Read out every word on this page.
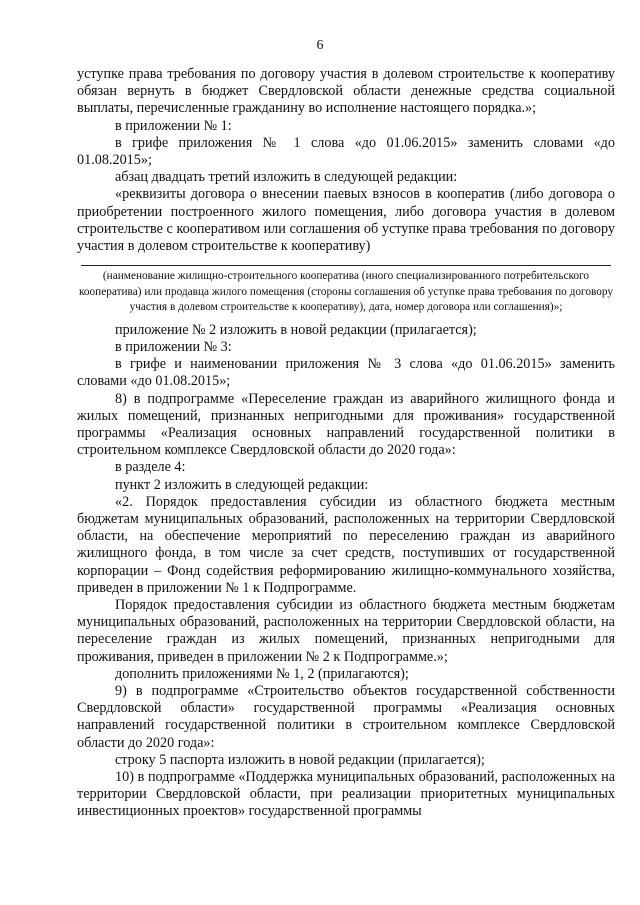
6

уступке права требования по договору участия в долевом строительстве к кооперативу обязан вернуть в бюджет Свердловской области денежные средства социальной выплаты, перечисленные гражданину во исполнение настоящего порядка.»;

в приложении № 1:

в грифе приложения № 1 слова «до 01.06.2015» заменить словами «до 01.08.2015»;

абзац двадцать третий изложить в следующей редакции:

«реквизиты договора о внесении паевых взносов в кооператив (либо договора о приобретении построенного жилого помещения, либо договора участия в долевом строительстве с кооперативом или соглашения об уступке права требования по договору участия в долевом строительстве к кооперативу)

(наименование жилищно-строительного кооператива (иного специализированного потребительского кооператива) или продавца жилого помещения (стороны соглашения об уступке права требования по договору участия в долевом строительстве к кооперативу), дата, номер договора или соглашения)»;

приложение № 2 изложить в новой редакции (прилагается);

в приложении № 3:

в грифе и наименовании приложения № 3 слова «до 01.06.2015» заменить словами «до 01.08.2015»;

8) в подпрограмме «Переселение граждан из аварийного жилищного фонда и жилых помещений, признанных непригодными для проживания» государственной программы «Реализация основных направлений государственной политики в строительном комплексе Свердловской области до 2020 года»:

в разделе 4:

пункт 2 изложить в следующей редакции:

«2. Порядок предоставления субсидии из областного бюджета местным бюджетам муниципальных образований, расположенных на территории Свердловской области, на обеспечение мероприятий по переселению граждан из аварийного жилищного фонда, в том числе за счет средств, поступивших от государственной корпорации – Фонд содействия реформированию жилищно-коммунального хозяйства, приведен в приложении № 1 к Подпрограмме.

Порядок предоставления субсидии из областного бюджета местным бюджетам муниципальных образований, расположенных на территории Свердловской области, на переселение граждан из жилых помещений, признанных непригодными для проживания, приведен в приложении № 2 к Подпрограмме.»;

дополнить приложениями № 1, 2 (прилагаются);

9) в подпрограмме «Строительство объектов государственной собственности Свердловской области» государственной программы «Реализация основных направлений государственной политики в строительном комплексе Свердловской области до 2020 года»:

строку 5 паспорта изложить в новой редакции (прилагается);

10) в подпрограмме «Поддержка муниципальных образований, расположенных на территории Свердловской области, при реализации приоритетных муниципальных инвестиционных проектов» государственной программы
